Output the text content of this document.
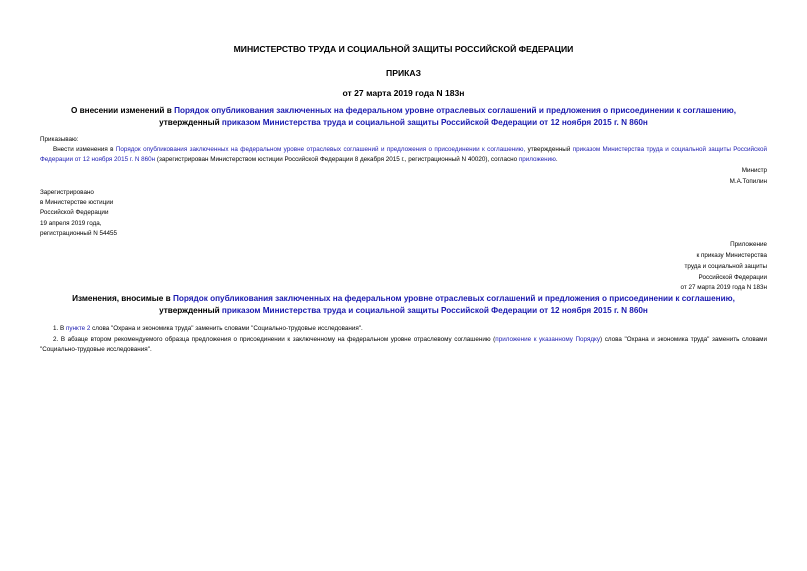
МИНИСТЕРСТВО ТРУДА И СОЦИАЛЬНОЙ ЗАЩИТЫ РОССИЙСКОЙ ФЕДЕРАЦИИ
ПРИКАЗ
от 27 марта 2019 года N 183н
О внесении изменений в Порядок опубликования заключенных на федеральном уровне отраслевых соглашений и предложения о присоединении к соглашению,
утвержденный приказом Министерства труда и социальной защиты Российской Федерации от 12 ноября 2015 г. N 860н
Приказываю:
Внести изменения в Порядок опубликования заключенных на федеральном уровне отраслевых соглашений и предложения о присоединении к соглашению, утвержденный приказом Министерства труда и социальной защиты Российской Федерации от 12 ноября 2015 г. N 860н (зарегистрирован Министерством юстиции Российской Федерации 8 декабря 2015 г., регистрационный N 40020), согласно приложению.
Министр
М.А.Топилин
Зарегистрировано
в Министерстве юстиции
Российской Федерации
19 апреля 2019 года,
регистрационный N 54455
Приложение
к приказу Министерства
труда и социальной защиты
Российской Федерации
от 27 марта 2019 года N 183н
Изменения, вносимые в Порядок опубликования заключенных на федеральном уровне отраслевых соглашений и предложения о присоединении к соглашению,
утвержденный приказом Министерства труда и социальной защиты Российской Федерации от 12 ноября 2015 г. N 860н
1. В пункте 2 слова "Охрана и экономика труда" заменить словами "Социально-трудовые исследования".
2. В абзаце втором рекомендуемого образца предложения о присоединении к заключенному на федеральном уровне отраслевому соглашению (приложение к указанному Порядку) слова "Охрана и экономика труда" заменить словами "Социально-трудовые исследования".
